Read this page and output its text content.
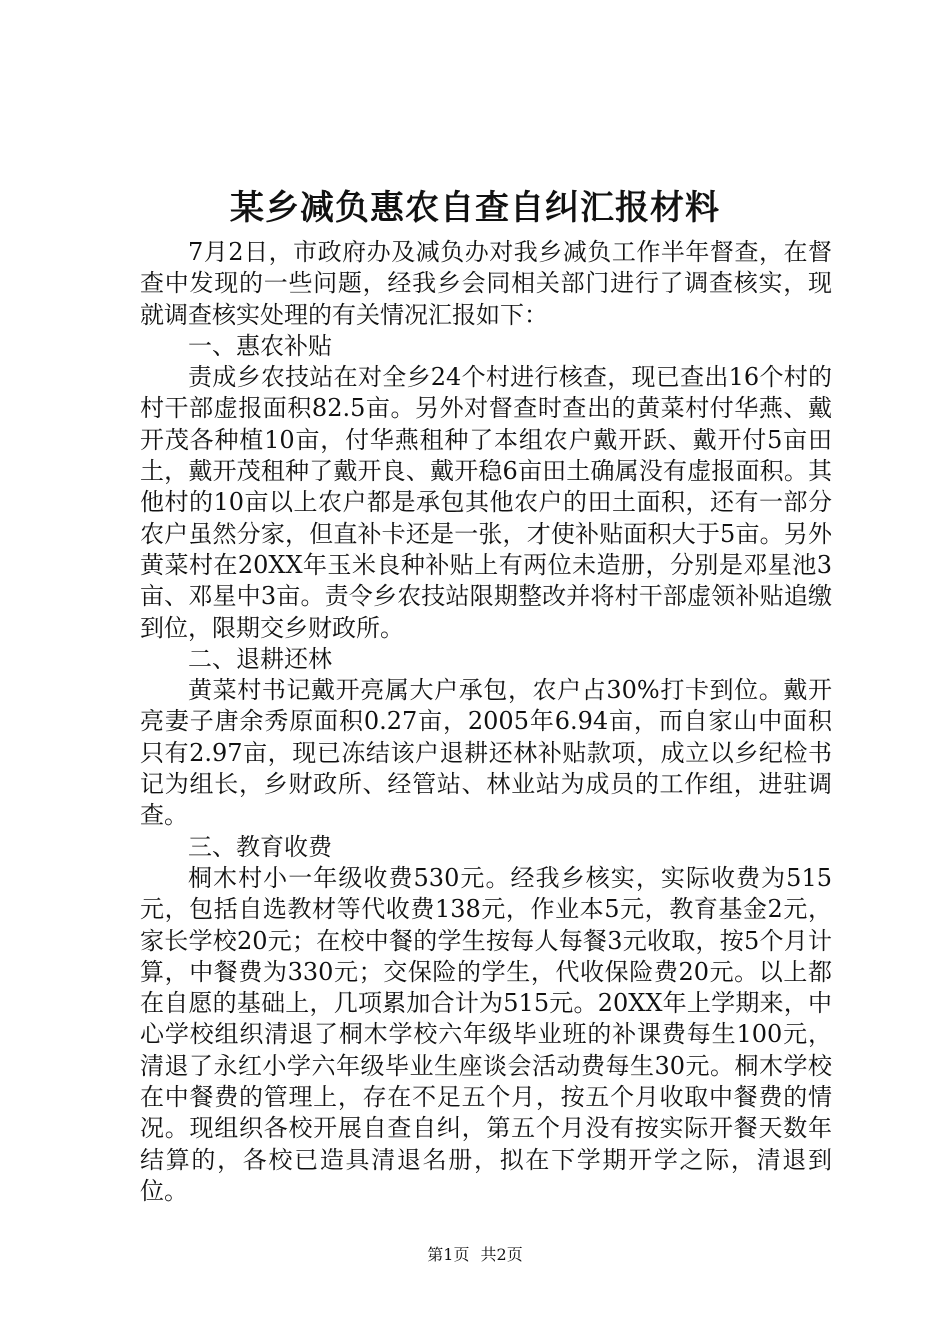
某乡减负惠农自查自纠汇报材料

7月2日，市政府办及减负办对我乡减负工作半年督查，在督查中发现的一些问题，经我乡会同相关部门进行了调查核实，现就调查核实处理的有关情况汇报如下：

一、惠农补贴

责成乡农技站在对全乡24个村进行核查，现已查出16个村的村干部虚报面积82.5亩。另外对督查时查出的黄菜村付华燕、戴开茂各种植10亩，付华燕租种了本组农户戴开跃、戴开付5亩田土，戴开茂租种了戴开良、戴开稳6亩田土确属没有虚报面积。其他村的10亩以上农户都是承包其他农户的田土面积，还有一部分农户虽然分家，但直补卡还是一张，才使补贴面积大于5亩。另外黄菜村在20XX年玉米良种补贴上有两位未造册，分别是邓星池3亩、邓星中3亩。责令乡农技站限期整改并将村干部虚领补贴追缴到位，限期交乡财政所。

二、退耕还林

黄菜村书记戴开亮属大户承包，农户占30%打卡到位。戴开亮妻子唐余秀原面积0.27亩，2005年6.94亩，而自家山中面积只有2.97亩，现已冻结该户退耕还林补贴款项，成立以乡纪检书记为组长，乡财政所、经管站、林业站为成员的工作组，进驻调查。

三、教育收费

桐木村小一年级收费530元。经我乡核实，实际收费为515元，包括自选教材等代收费138元，作业本5元，教育基金2元，家长学校20元；在校中餐的学生按每人每餐3元收取，按5个月计算，中餐费为330元；交保险的学生，代收保险费20元。以上都在自愿的基础上，几项累加合计为515元。20XX年上学期来，中心学校组织清退了桐木学校六年级毕业班的补课费每生100元，清退了永红小学六年级毕业生座谈会活动费每生30元。桐木学校在中餐费的管理上，存在不足五个月，按五个月收取中餐费的情况。现组织各校开展自查自纠，第五个月没有按实际开餐天数年结算的，各校已造具清退名册，拟在下学期开学之际，清退到位。

第1页 共2页
